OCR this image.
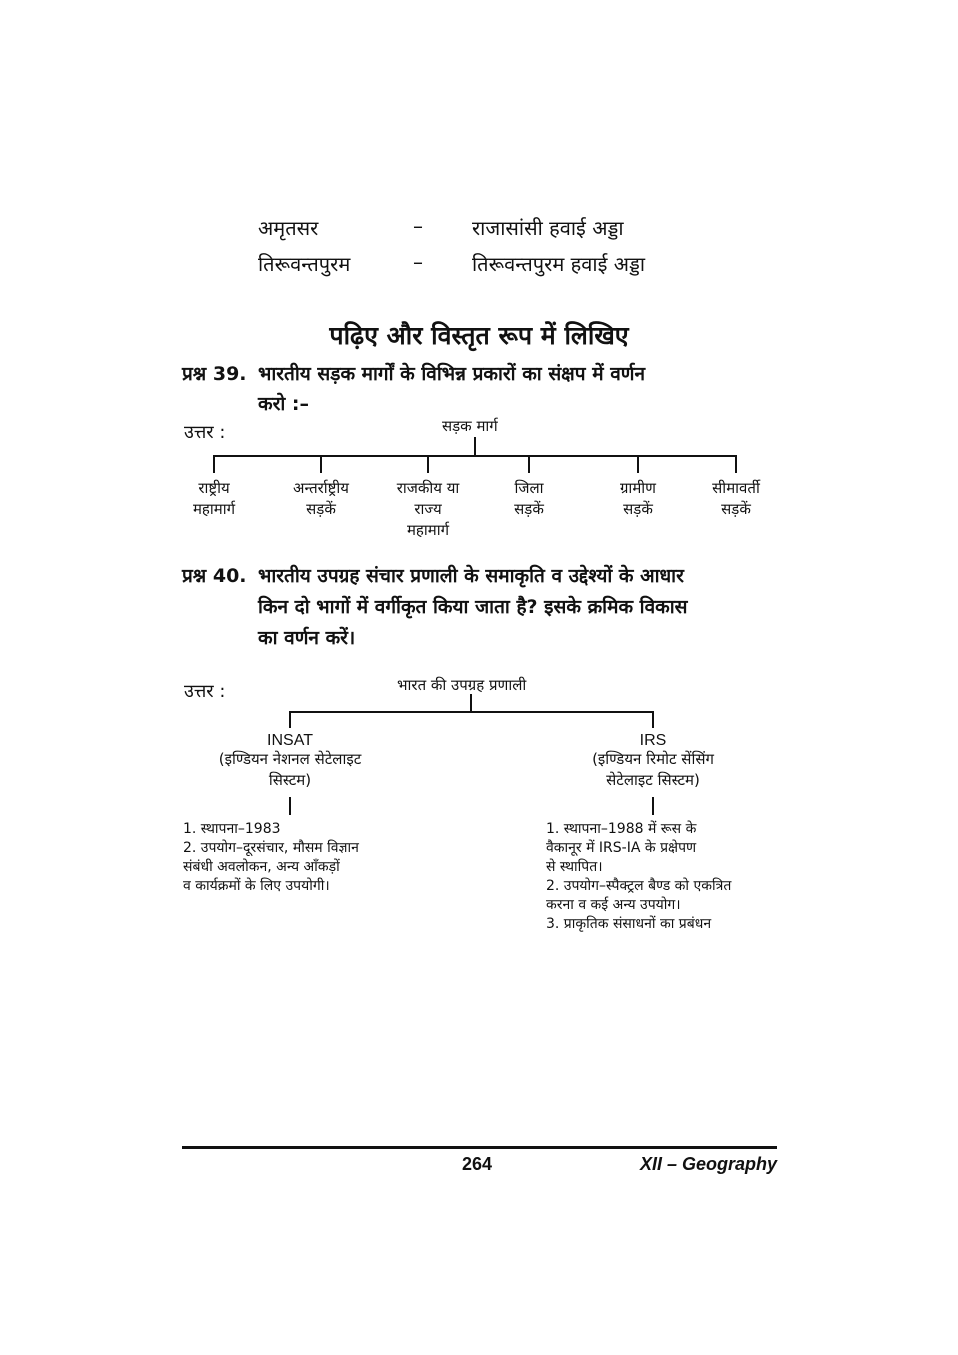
अमृतसर	– राजासांसी हवाई अड्डा
तिरूवन्तपुरम	– तिरूवन्तपुरम हवाई अड्डा
पढ़िए और विस्तृत रूप में लिखिए
प्रश्न 39. भारतीय सड़क मार्गों के विभिन्न प्रकारों का संक्षप में वर्णन
करो :–
उत्तर :	सड़क मार्ग
राष्ट्रीय
महामार्ग
अन्तर्राष्ट्रीय
सड़कें
राजकीय या
राज्य
महामार्ग
जिला
सड़कें
ग्रामीण
सड़कें
सीमावर्ती
सड़कें
प्रश्न 40. भारतीय उपग्रह संचार प्रणाली के समाकृति व उद्देश्यों के आधार
किन दो भागों में वर्गीकृत किया जाता है? इसके क्रमिक विकास
का वर्णन करें।
उत्तर :	भारत की उपग्रह प्रणाली
INSAT
(इण्डियन नेशनल सेटेलाइट
सिस्टम)
1. स्थापना–1983
2. उपयोग–दूरसंचार, मौसम विज्ञान
संबंधी अवलोकन, अन्य आँकड़ों
व कार्यक्रमों के लिए उपयोगी।
IRS
(इण्डियन रिमोट सेंसिंग
सेटेलाइट सिस्टम)
1. स्थापना–1988 में रूस के
वैकानूर में IRS-IA के प्रक्षेपण
से स्थापित।
2. उपयोग–स्पैक्ट्रल बैण्ड को एकत्रित
करना व कई अन्य उपयोग।
3. प्राकृतिक संसाधनों का प्रबंधन
264	XII – Geography
